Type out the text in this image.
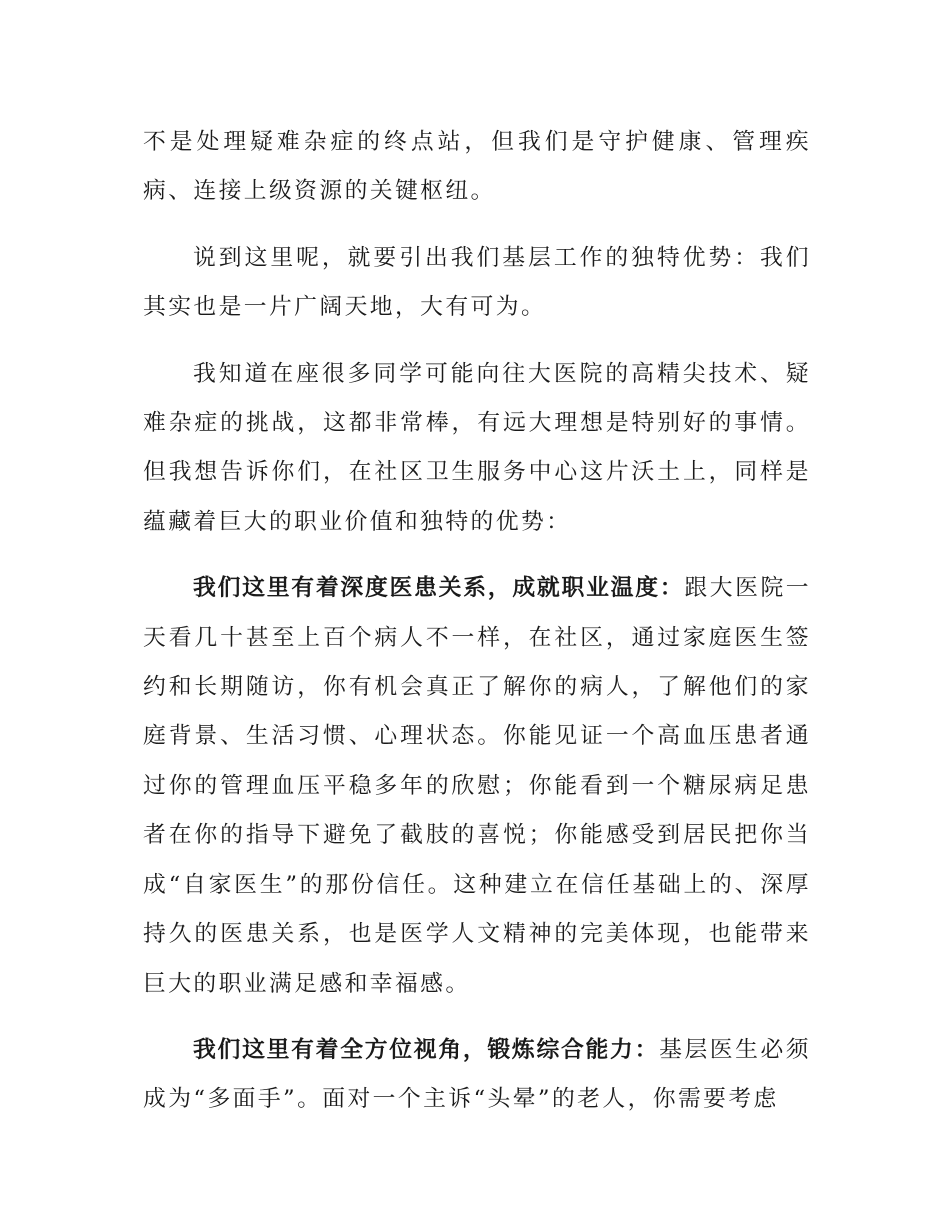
不是处理疑难杂症的终点站，但我们是守护健康、管理疾病、连接上级资源的关键枢纽。

说到这里呢，就要引出我们基层工作的独特优势：我们其实也是一片广阔天地，大有可为。

我知道在座很多同学可能向往大医院的高精尖技术、疑难杂症的挑战，这都非常棒，有远大理想是特别好的事情。但我想告诉你们，在社区卫生服务中心这片沃土上，同样是蕴藏着巨大的职业价值和独特的优势：

我们这里有着深度医患关系，成就职业温度：跟大医院一天看几十甚至上百个病人不一样，在社区，通过家庭医生签约和长期随访，你有机会真正了解你的病人，了解他们的家庭背景、生活习惯、心理状态。你能见证一个高血压患者通过你的管理血压平稳多年的欣慰；你能看到一个糖尿病足患者在你的指导下避免了截肢的喜悦；你能感受到居民把你当成“自家医生”的那份信任。这种建立在信任基础上的、深厚持久的医患关系，也是医学人文精神的完美体现，也能带来巨大的职业满足感和幸福感。

我们这里有着全方位视角，锻炼综合能力：基层医生必须成为“多面手”。面对一个主诉“头晕”的老人，你需要考虑
